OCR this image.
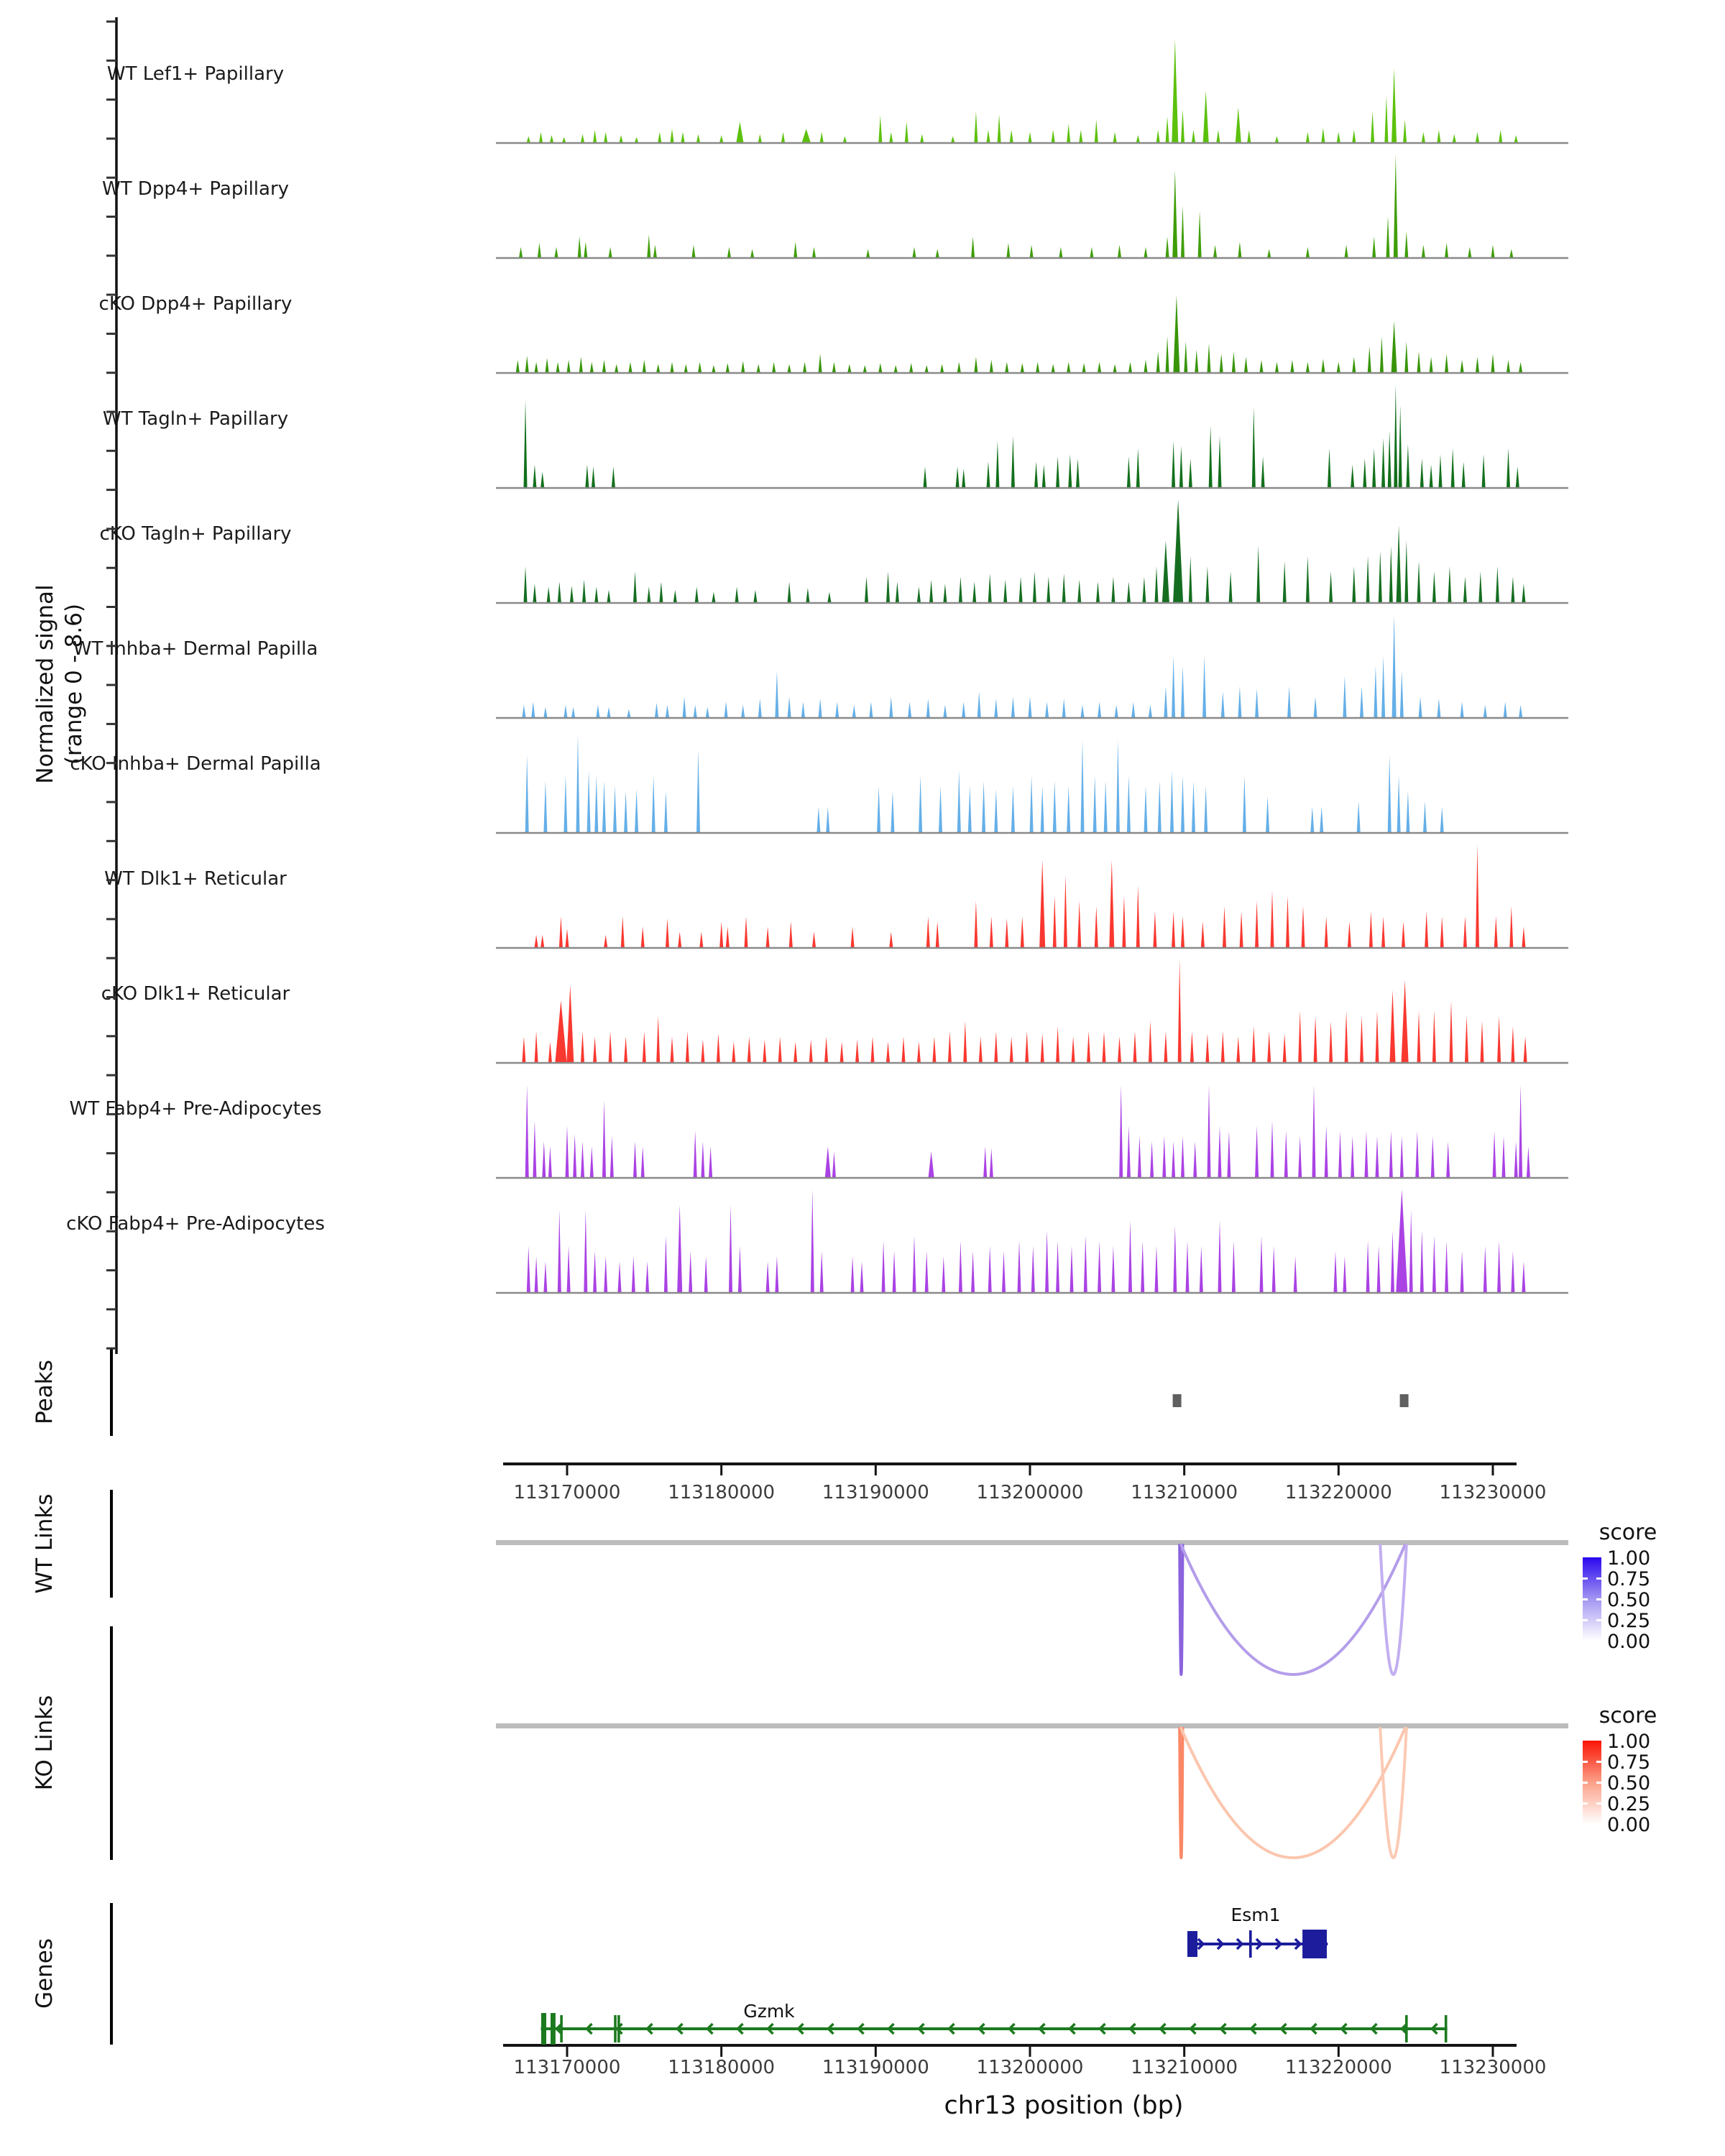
Normalized signal (range 0 - 8.6)
Peaks
WT Links
KO Links
Genes
WT Lef1+ Papillary
WT Dpp4+ Papillary
cKO Dpp4+ Papillary
WT Tagln+ Papillary
cKO Tagln+ Papillary
WT Inhba+ Dermal Papilla
cKO Inhba+ Dermal Papilla
WT Dlk1+ Reticular
cKO Dlk1+ Reticular
WT Fabp4+ Pre-Adipocytes
cKO Fabp4+ Pre-Adipocytes
score
1.00
0.75
0.50
0.25
0.00
score
1.00
0.75
0.50
0.25
0.00
Esm1
Gzmk
chr13 position (bp)
113170000	113180000	113190000	113200000	113210000	113220000	113230000
113170000	113180000	113190000	113200000	113210000	113220000	113230000
